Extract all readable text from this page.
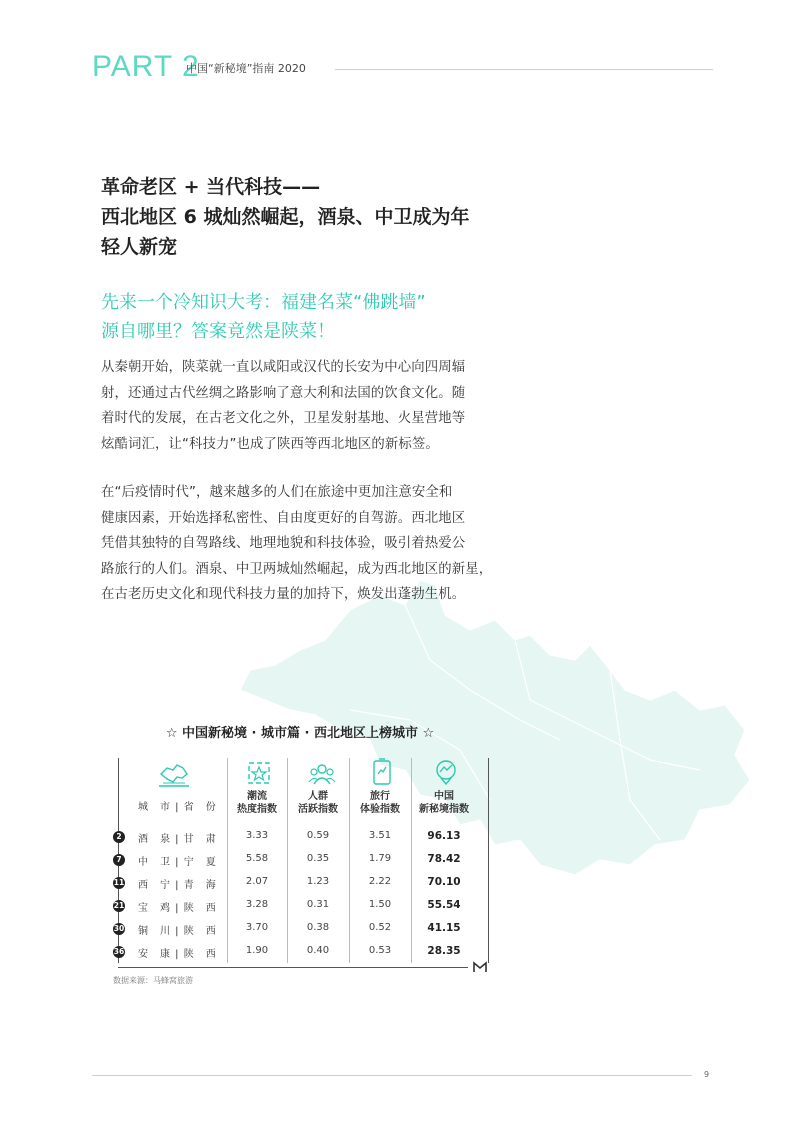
PART 2
中国“新秘境”指南 2020
革命老区 + 当代科技——
西北地区 6 城灿然崛起，酒泉、中卫成为年
轻人新宠
先来一个冷知识大考：福建名菜“佛跳墙”
源自哪里？答案竟然是陕菜！
从秦朝开始，陕菜就一直以咸阳或汉代的长安为中心向四周辐
射，还通过古代丝绸之路影响了意大利和法国的饮食文化。随
着时代的发展，在古老文化之外，卫星发射基地、火星营地等
炫酷词汇，让“科技力”也成了陕西等西北地区的新标签。
在“后疫情时代”，越来越多的人们在旅途中更加注意安全和
健康因素，开始选择私密性、自由度更好的自驾游。西北地区
凭借其独特的自驾路线、地理地貌和科技体验，吸引着热爱公
路旅行的人们。酒泉、中卫两城灿然崛起，成为西北地区的新星，
在古老历史文化和现代科技力量的加持下，焕发出蓬勃生机。
☆ 中国新秘境 · 城市篇 · 西北地区上榜城市 ☆
城　市 | 省　份
潮流
热度指数
人群
活跃指数
旅行
体验指数
中国
新秘境指数
2	酒　泉 | 甘　肃	3.33	0.59	3.51	96.13
7	中　卫 | 宁　夏	5.58	0.35	1.79	78.42
11 西　宁 | 青　海	2.07	1.23	2.22	70.10
21 宝　鸡 | 陕　西	3.28	0.31	1.50	55.54
30 铜　川 | 陕　西	3.70	0.38	0.52	41.15
36 安　康 | 陕　西	1.90	0.40	0.53	28.35
数据来源：马蜂窝旅游
9
